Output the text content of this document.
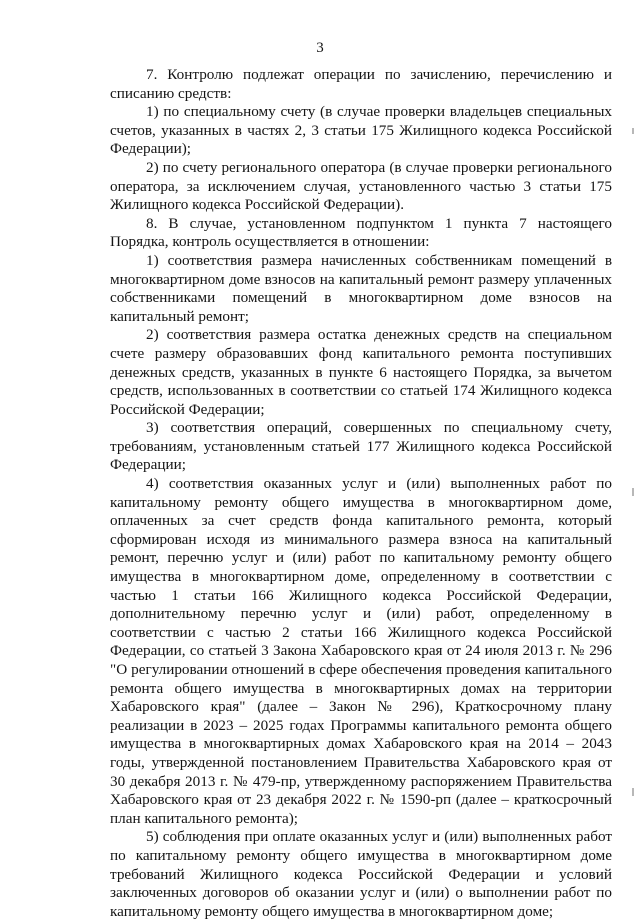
3

7. Контролю подлежат операции по зачислению, перечислению и списанию средств:

1) по специальному счету (в случае проверки владельцев специальных счетов, указанных в частях 2, 3 статьи 175 Жилищного кодекса Российской Федерации);

2) по счету регионального оператора (в случае проверки регионального оператора, за исключением случая, установленного частью 3 статьи 175 Жилищного кодекса Российской Федерации).

8. В случае, установленном подпунктом 1 пункта 7 настоящего Порядка, контроль осуществляется в отношении:

1) соответствия размера начисленных собственникам помещений в многоквартирном доме взносов на капитальный ремонт размеру уплаченных собственниками помещений в многоквартирном доме взносов на капитальный ремонт;

2) соответствия размера остатка денежных средств на специальном счете размеру образовавших фонд капитального ремонта поступивших денежных средств, указанных в пункте 6 настоящего Порядка, за вычетом средств, использованных в соответствии со статьей 174 Жилищного кодекса Российской Федерации;

3) соответствия операций, совершенных по специальному счету, требованиям, установленным статьей 177 Жилищного кодекса Российской Федерации;

4) соответствия оказанных услуг и (или) выполненных работ по капитальному ремонту общего имущества в многоквартирном доме, оплаченных за счет средств фонда капитального ремонта, который сформирован исходя из минимального размера взноса на капитальный ремонт, перечню услуг и (или) работ по капитальному ремонту общего имущества в многоквартирном доме, определенному в соответствии с частью 1 статьи 166 Жилищного кодекса Российской Федерации, дополнительному перечню услуг и (или) работ, определенному в соответствии с частью 2 статьи 166 Жилищного кодекса Российской Федерации, со статьей 3 Закона Хабаровского края от 24 июля 2013 г. № 296 "О регулировании отношений в сфере обеспечения проведения капитального ремонта общего имущества в многоквартирных домах на территории Хабаровского края" (далее – Закон № 296), Краткосрочному плану реализации в 2023 – 2025 годах Программы капитального ремонта общего имущества в многоквартирных домах Хабаровского края на 2014 – 2043 годы, утвержденной постановлением Правительства Хабаровского края от 30 декабря 2013 г. № 479-пр, утвержденному распоряжением Правительства Хабаровского края от 23 декабря 2022 г. № 1590-рп (далее – краткосрочный план капитального ремонта);

5) соблюдения при оплате оказанных услуг и (или) выполненных работ по капитальному ремонту общего имущества в многоквартирном доме требований Жилищного кодекса Российской Федерации и условий заключенных договоров об оказании услуг и (или) о выполнении работ по капитальному ремонту общего имущества в многоквартирном доме;
